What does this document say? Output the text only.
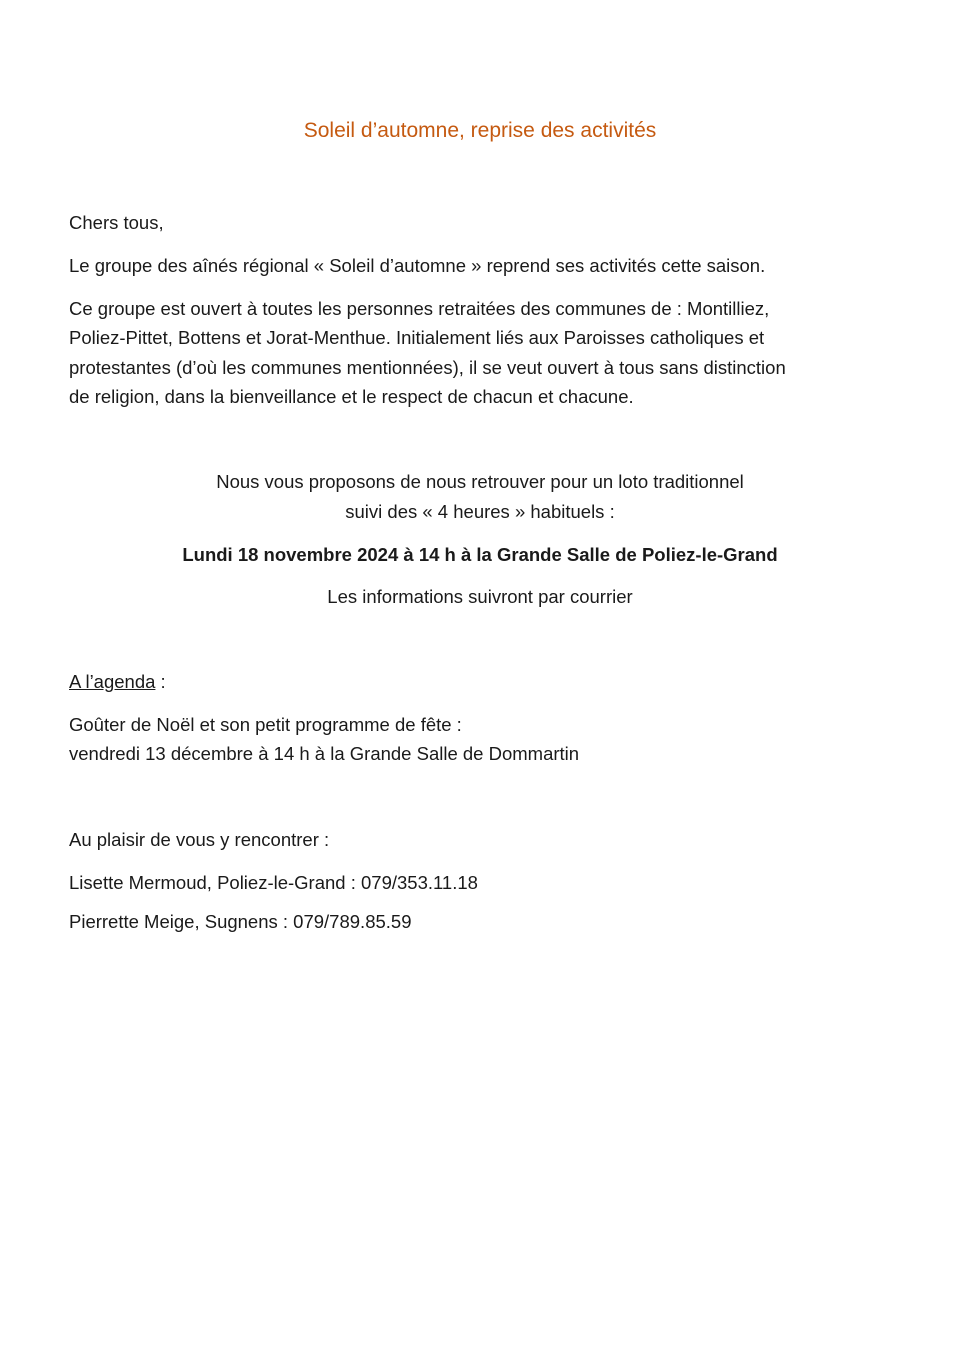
Soleil d’automne, reprise des activités
Chers tous,
Le groupe des aînés régional « Soleil d’automne » reprend ses activités cette saison.
Ce groupe est ouvert à toutes les personnes retraitées des communes de : Montilliez,
Poliez-Pittet, Bottens et Jorat-Menthue. Initialement liés aux Paroisses catholiques et
protestantes (d’où les communes mentionnées), il se veut ouvert à tous sans distinction
de religion, dans la bienveillance et le respect de chacun et chacune.
Nous vous proposons de nous retrouver pour un loto traditionnel
suivi des « 4 heures » habituels :
Lundi 18 novembre 2024 à 14 h à la Grande Salle de Poliez-le-Grand
Les informations suivront par courrier
A l’agenda :
Goûter de Noël et son petit programme de fête :
vendredi 13 décembre à 14 h à la Grande Salle de Dommartin
Au plaisir de vous y rencontrer :
Lisette Mermoud, Poliez-le-Grand : 079/353.11.18
Pierrette Meige, Sugnens : 079/789.85.59
